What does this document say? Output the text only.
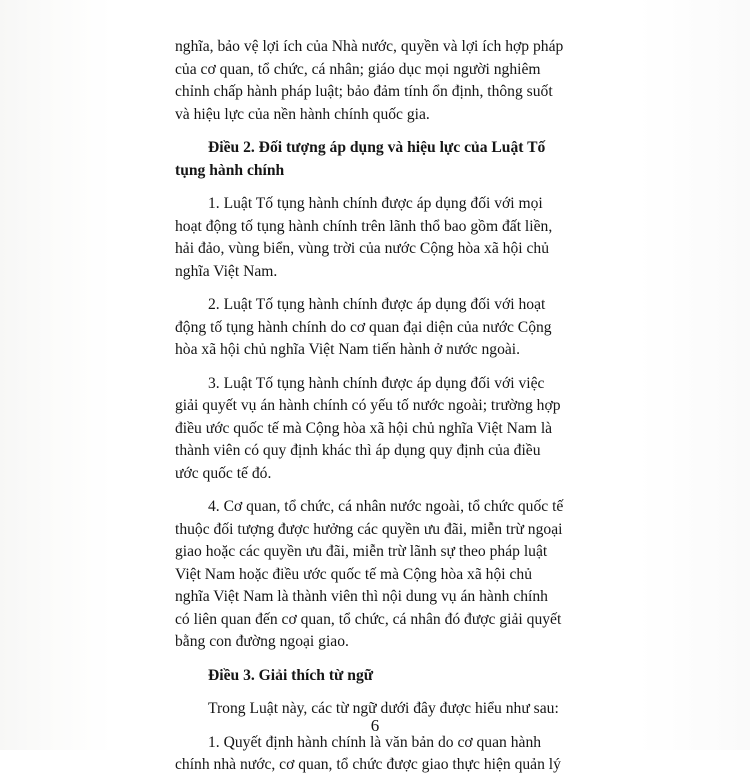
nghĩa, bảo vệ lợi ích của Nhà nước, quyền và lợi ích hợp pháp
của cơ quan, tổ chức, cá nhân; giáo dục mọi người nghiêm
chỉnh chấp hành pháp luật; bảo đảm tính ổn định, thông suốt
và hiệu lực của nền hành chính quốc gia.
Điều 2. Đối tượng áp dụng và hiệu lực của Luật Tố
tụng hành chính
1. Luật Tố tụng hành chính được áp dụng đối với mọi
hoạt động tố tụng hành chính trên lãnh thổ bao gồm đất liền,
hải đảo, vùng biển, vùng trời của nước Cộng hòa xã hội chủ
nghĩa Việt Nam.
2. Luật Tố tụng hành chính được áp dụng đối với hoạt
động tố tụng hành chính do cơ quan đại diện của nước Cộng
hòa xã hội chủ nghĩa Việt Nam tiến hành ở nước ngoài.
3. Luật Tố tụng hành chính được áp dụng đối với việc
giải quyết vụ án hành chính có yếu tố nước ngoài; trường hợp
điều ước quốc tế mà Cộng hòa xã hội chủ nghĩa Việt Nam là
thành viên có quy định khác thì áp dụng quy định của điều
ước quốc tế đó.
4. Cơ quan, tổ chức, cá nhân nước ngoài, tổ chức quốc tế
thuộc đối tượng được hưởng các quyền ưu đãi, miễn trừ ngoại
giao hoặc các quyền ưu đãi, miễn trừ lãnh sự theo pháp luật
Việt Nam hoặc điều ước quốc tế mà Cộng hòa xã hội chủ
nghĩa Việt Nam là thành viên thì nội dung vụ án hành chính
có liên quan đến cơ quan, tổ chức, cá nhân đó được giải quyết
bằng con đường ngoại giao.
Điều 3. Giải thích từ ngữ
Trong Luật này, các từ ngữ dưới đây được hiểu như sau:
1. Quyết định hành chính là văn bản do cơ quan hành
chính nhà nước, cơ quan, tổ chức được giao thực hiện quản lý
6
